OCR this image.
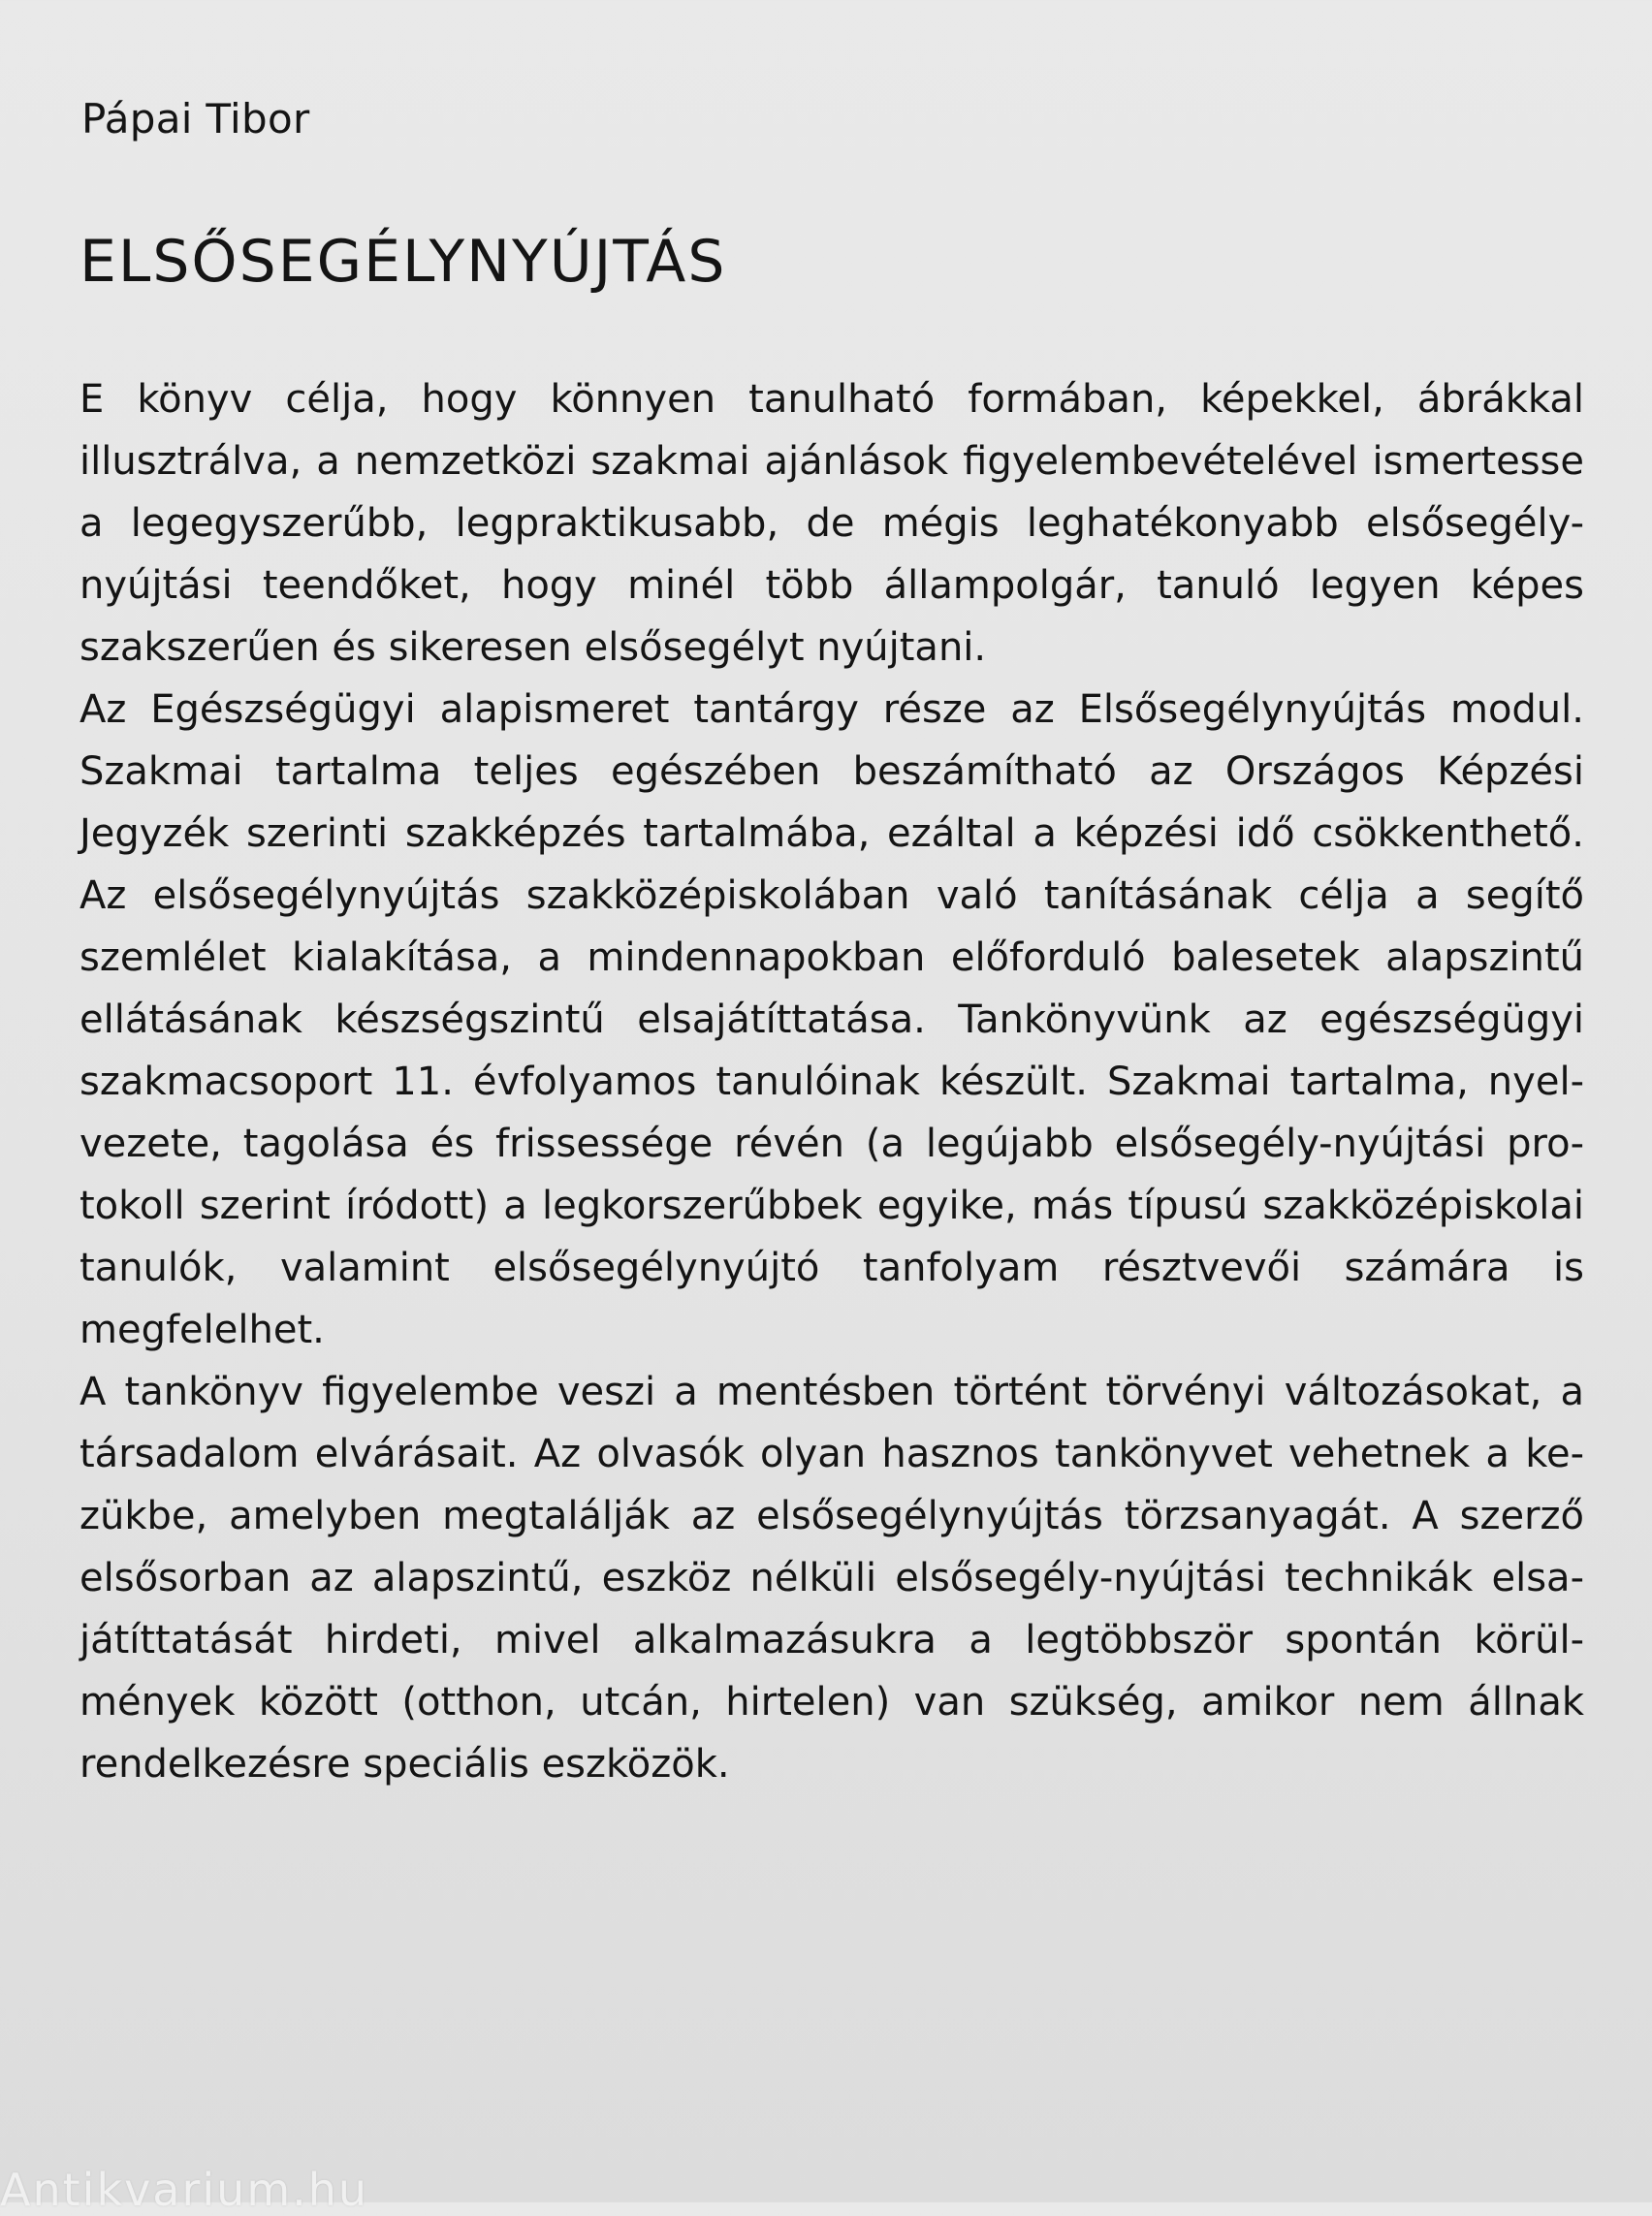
Pápai Tibor
ELSŐSEGÉLYNYÚJTÁS

E könyv célja, hogy könnyen tanulható formában, képekkel, ábrákkal illusztrálva, a nemzetközi szakmai ajánlások figyelembevételével ismertesse a legegyszerűbb, legpraktikusabb, de mégis leghatékonyabb elsősegély-nyújtási teendőket, hogy minél több állampolgár, tanuló legyen képes szakszerűen és sikeresen elsősegélyt nyújtani.

Az Egészségügyi alapismeret tantárgy része az Elsősegélynyújtás modul. Szakmai tartalma teljes egészében beszámítható az Országos Képzési Jegyzék szerinti szakképzés tartalmába, ezáltal a képzési idő csökkenthető. Az elsősegélynyújtás szakközépiskolában való tanításának célja a segítő szemlélet kialakítása, a mindennapokban előforduló balesetek alapszintű ellátásának készségszintű elsajátíttatása. Tankönyvünk az egészségügyi szakmacsoport 11. évfolyamos tanulóinak készült. Szakmai tartalma, nyelvezete, tagolása és frissessége révén (a legújabb elsősegély-nyújtási protokoll szerint íródott) a legkorszerűbbek egyike, más típusú szakközépiskolai tanulók, valamint elsősegélynyújtó tanfolyam résztvevői számára is megfelelhet.

A tankönyv figyelembe veszi a mentésben történt törvényi változásokat, a társadalom elvárásait. Az olvasók olyan hasznos tankönyvet vehetnek a kezükbe, amelyben megtalálják az elsősegélynyújtás törzsanyagát. A szerző elsősorban az alapszintű, eszköz nélküli elsősegély-nyújtási technikák elsajátíttatását hirdeti, mivel alkalmazásukra a legtöbbször spontán körülmények között (otthon, utcán, hirtelen) van szükség, amikor nem állnak rendelkezésre speciális eszközök.

Antikvarium.hu
